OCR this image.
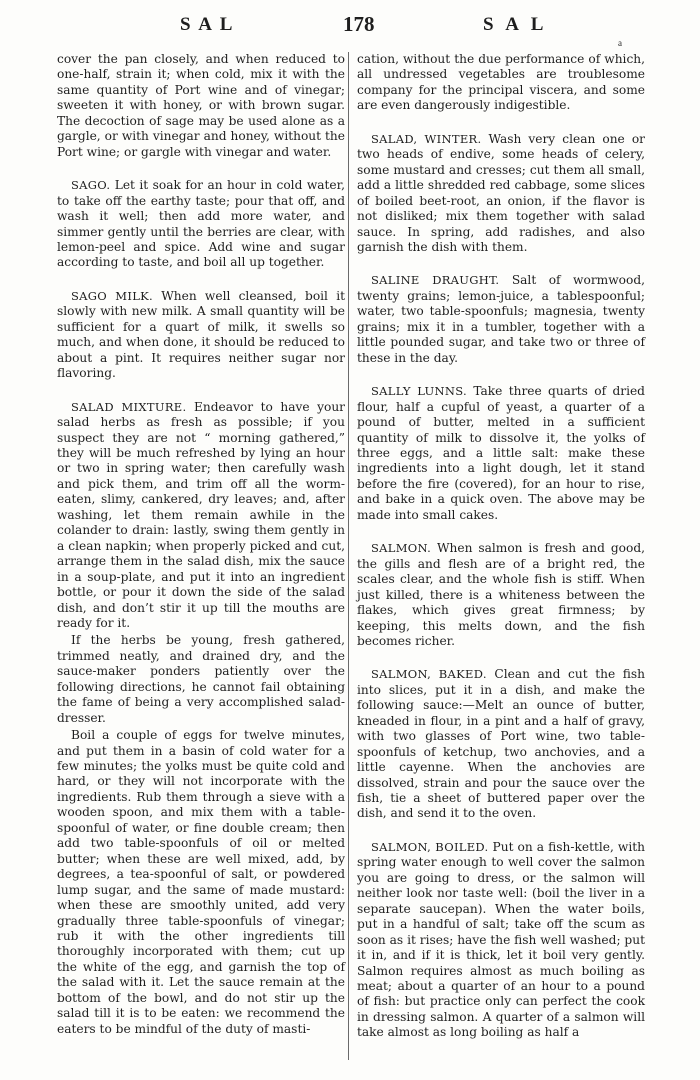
S A L	178	S A L
a

cover the pan closely, and when reduced to one-half, strain it; when cold, mix it with the same quantity of Port wine and of vinegar; sweeten it with honey, or with brown sugar. The decoction of sage may be used alone as a gargle, or with vinegar and honey, without the Port wine; or gargle with vinegar and water.

SAGO. Let it soak for an hour in cold water, to take off the earthy taste; pour that off, and wash it well; then add more water, and simmer gently until the berries are clear, with lemon-peel and spice. Add wine and sugar according to taste, and boil all up together.

SAGO MILK. When well cleansed, boil it slowly with new milk. A small quantity will be sufficient for a quart of milk, it swells so much, and when done, it should be reduced to about a pint. It requires neither sugar nor flavoring.

SALAD MIXTURE. Endeavor to have your salad herbs as fresh as possible; if you suspect they are not “ morning gathered,” they will be much refreshed by lying an hour or two in spring water; then carefully wash and pick them, and trim off all the worm-eaten, slimy, cankered, dry leaves; and, after washing, let them remain awhile in the colander to drain: lastly, swing them gently in a clean napkin; when properly picked and cut, arrange them in the salad dish, mix the sauce in a soup-plate, and put it into an ingredient bottle, or pour it down the side of the salad dish, and don’t stir it up till the mouths are ready for it.

If the herbs be young, fresh gathered, trimmed neatly, and drained dry, and the sauce-maker ponders patiently over the following directions, he cannot fail obtaining the fame of being a very accomplished salad-dresser.

Boil a couple of eggs for twelve minutes, and put them in a basin of cold water for a few minutes; the yolks must be quite cold and hard, or they will not incorporate with the ingredients. Rub them through a sieve with a wooden spoon, and mix them with a table-spoonful of water, or fine double cream; then add two table-spoonfuls of oil or melted butter; when these are well mixed, add, by degrees, a tea-spoonful of salt, or powdered lump sugar, and the same of made mustard: when these are smoothly united, add very gradually three table-spoonfuls of vinegar; rub it with the other ingredients till thoroughly incorporated with them; cut up the white of the egg, and garnish the top of the salad with it. Let the sauce remain at the bottom of the bowl, and do not stir up the salad till it is to be eaten: we recommend the eaters to be mindful of the duty of masti-

cation, without the due performance of which, all undressed vegetables are troublesome company for the principal viscera, and some are even dangerously indigestible.

SALAD, WINTER. Wash very clean one or two heads of endive, some heads of celery, some mustard and cresses; cut them all small, add a little shredded red cabbage, some slices of boiled beet-root, an onion, if the flavor is not disliked; mix them together with salad sauce. In spring, add radishes, and also garnish the dish with them.

SALINE DRAUGHT. Salt of wormwood, twenty grains; lemon-juice, a tablespoonful; water, two table-spoonfuls; magnesia, twenty grains; mix it in a tumbler, together with a little pounded sugar, and take two or three of these in the day.

SALLY LUNNS. Take three quarts of dried flour, half a cupful of yeast, a quarter of a pound of butter, melted in a sufficient quantity of milk to dissolve it, the yolks of three eggs, and a little salt: make these ingredients into a light dough, let it stand before the fire (covered), for an hour to rise, and bake in a quick oven. The above may be made into small cakes.

SALMON. When salmon is fresh and good, the gills and flesh are of a bright red, the scales clear, and the whole fish is stiff. When just killed, there is a whiteness between the flakes, which gives great firmness; by keeping, this melts down, and the fish becomes richer.

SALMON, BAKED. Clean and cut the fish into slices, put it in a dish, and make the following sauce:—Melt an ounce of butter, kneaded in flour, in a pint and a half of gravy, with two glasses of Port wine, two table-spoonfuls of ketchup, two anchovies, and a little cayenne. When the anchovies are dissolved, strain and pour the sauce over the fish, tie a sheet of buttered paper over the dish, and send it to the oven.

SALMON, BOILED. Put on a fish-kettle, with spring water enough to well cover the salmon you are going to dress, or the salmon will neither look nor taste well: (boil the liver in a separate saucepan). When the water boils, put in a handful of salt; take off the scum as soon as it rises; have the fish well washed; put it in, and if it is thick, let it boil very gently. Salmon requires almost as much boiling as meat; about a quarter of an hour to a pound of fish: but practice only can perfect the cook in dressing salmon. A quarter of a salmon will take almost as long boiling as half a
